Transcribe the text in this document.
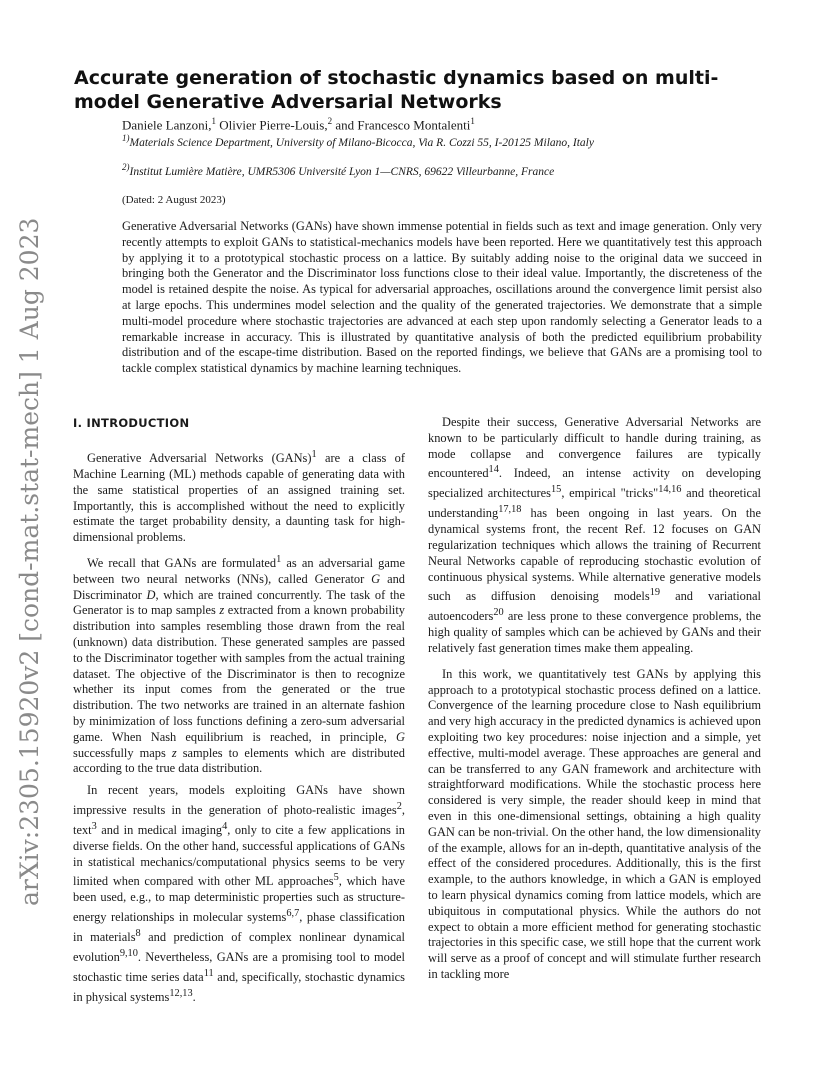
arXiv:2305.15920v2 [cond-mat.stat-mech] 1 Aug 2023
Accurate generation of stochastic dynamics based on multi-model Generative Adversarial Networks
Daniele Lanzoni,$^1$ Olivier Pierre-Louis,$^2$ and Francesco Montalenti$^1$
$^{1)}$Materials Science Department, University of Milano-Bicocca, Via R. Cozzi 55, I-20125 Milano, Italy
$^{2)}$Institut Lumière Matière, UMR5306 Université Lyon 1—CNRS, 69622 Villeurbanne, France
(Dated: 2 August 2023)

Generative Adversarial Networks (GANs) have shown immense potential in fields such as text and image generation. Only very recently attempts to exploit GANs to statistical-mechanics models have been reported. Here we quantitatively test this approach by applying it to a prototypical stochastic process on a lattice. By suitably adding noise to the original data we succeed in bringing both the Generator and the Discriminator loss functions close to their ideal value. Importantly, the discreteness of the model is retained despite the noise. As typical for adversarial approaches, oscillations around the convergence limit persist also at large epochs. This undermines model selection and the quality of the generated trajectories. We demonstrate that a simple multi-model procedure where stochastic trajectories are advanced at each step upon randomly selecting a Generator leads to a remarkable increase in accuracy. This is illustrated by quantitative analysis of both the predicted equilibrium probability distribution and of the escape-time distribution. Based on the reported findings, we believe that GANs are a promising tool to tackle complex statistical dynamics by machine learning techniques.

I. INTRODUCTION

Generative Adversarial Networks (GANs)$^1$ are a class of Machine Learning (ML) methods capable of generating data with the same statistical properties of an assigned training set. Importantly, this is accomplished without the need to explicitly estimate the target probability density, a daunting task for high-dimensional problems.

We recall that GANs are formulated$^1$ as an adversarial game between two neural networks (NNs), called Generator G and Discriminator D, which are trained concurrently. The task of the Generator is to map samples z extracted from a known probability distribution into samples resembling those drawn from the real (unknown) data distribution. These generated samples are passed to the Discriminator together with samples from the actual training dataset. The objective of the Discriminator is then to recognize whether its input comes from the generated or the true distribution. The two networks are trained in an alternate fashion by minimization of loss functions defining a zero-sum adversarial game. When Nash equilibrium is reached, in principle, G successfully maps z samples to elements which are distributed according to the true data distribution.

In recent years, models exploiting GANs have shown impressive results in the generation of photo-realistic images$^2$, text$^3$ and in medical imaging$^4$, only to cite a few applications in diverse fields. On the other hand, successful applications of GANs in statistical mechanics/computational physics seems to be very limited when compared with other ML approaches$^5$, which have been used, e.g., to map deterministic properties such as structure-energy relationships in molecular systems$^{6,7}$, phase classification in materials$^8$ and prediction of complex nonlinear dynamical evolution$^{9,10}$. Nevertheless, GANs are a promising tool to model stochastic time series data$^{11}$ and, specifically, stochastic dynamics in physical systems$^{12,13}$.

Despite their success, Generative Adversarial Networks are known to be particularly difficult to handle during training, as mode collapse and convergence failures are typically encountered$^{14}$. Indeed, an intense activity on developing specialized architectures$^{15}$, empirical "tricks"$^{14,16}$ and theoretical understanding$^{17,18}$ has been ongoing in last years. On the dynamical systems front, the recent Ref. 12 focuses on GAN regularization techniques which allows the training of Recurrent Neural Networks capable of reproducing stochastic evolution of continuous physical systems. While alternative generative models such as diffusion denoising models$^{19}$ and variational autoencoders$^{20}$ are less prone to these convergence problems, the high quality of samples which can be achieved by GANs and their relatively fast generation times make them appealing.

In this work, we quantitatively test GANs by applying this approach to a prototypical stochastic process defined on a lattice. Convergence of the learning procedure close to Nash equilibrium and very high accuracy in the predicted dynamics is achieved upon exploiting two key procedures: noise injection and a simple, yet effective, multi-model average. These approaches are general and can be transferred to any GAN framework and architecture with straightforward modifications. While the stochastic process here considered is very simple, the reader should keep in mind that even in this one-dimensional settings, obtaining a high quality GAN can be non-trivial. On the other hand, the low dimensionality of the example, allows for an in-depth, quantitative analysis of the effect of the considered procedures. Additionally, this is the first example, to the authors knowledge, in which a GAN is employed to learn physical dynamics coming from lattice models, which are ubiquitous in computational physics. While the authors do not expect to obtain a more efficient method for generating stochastic trajectories in this specific case, we still hope that the current work will serve as a proof of concept and will stimulate further research in tackling more
